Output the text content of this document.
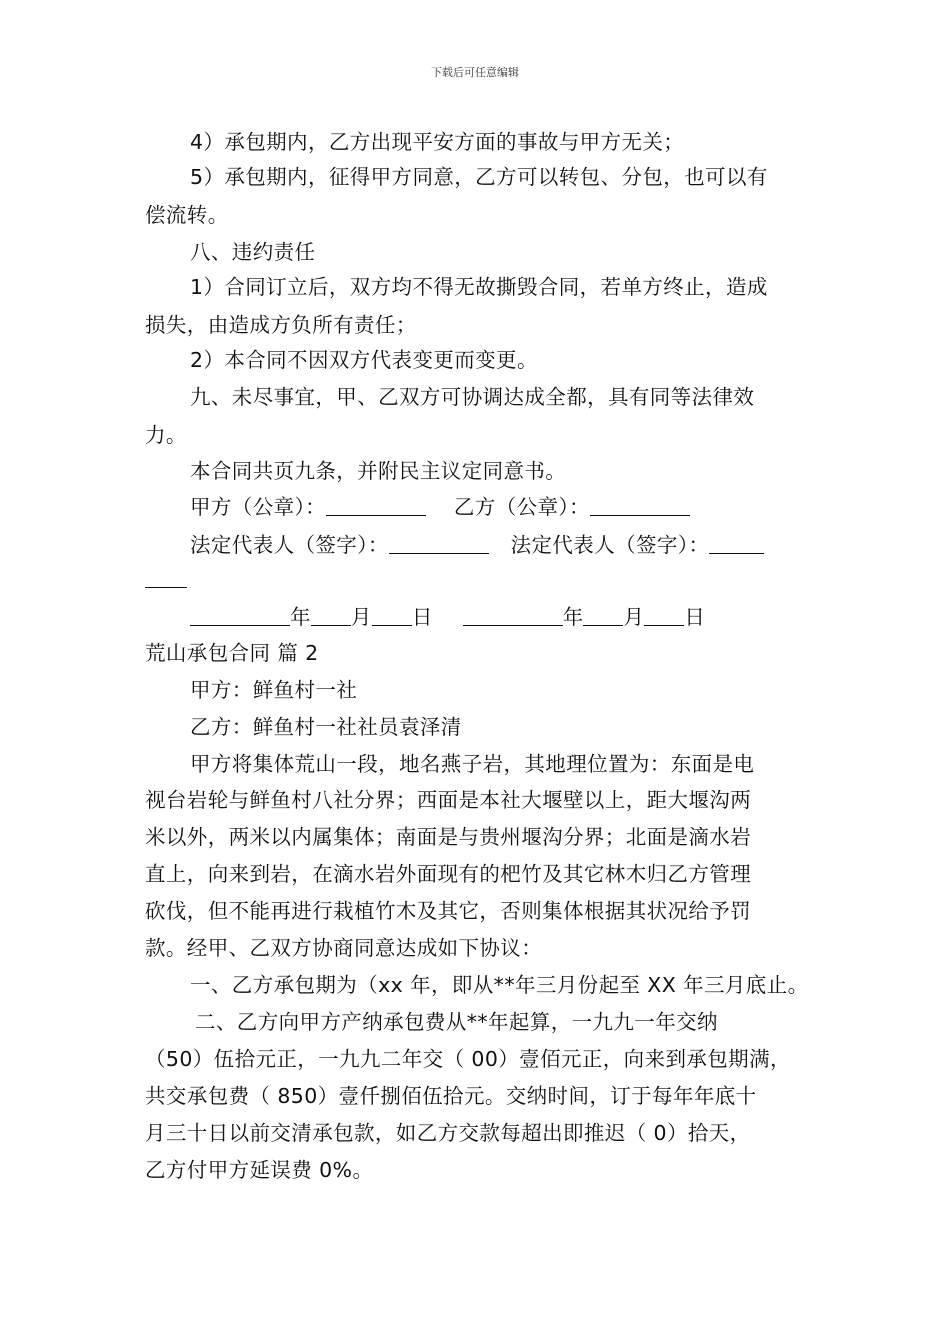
下载后可任意编辑
4）承包期内，乙方出现平安方面的事故与甲方无关；
5）承包期内，征得甲方同意，乙方可以转包、分包，也可以有
偿流转。
八、违约责任
1）合同订立后，双方均不得无故撕毁合同，若单方终止，造成
损失，由造成方负所有责任；
2）本合同不因双方代表变更而变更。
九、未尽事宜，甲、乙双方可协调达成全都，具有同等法律效
力。
本合同共页九条，并附民主议定同意书。
甲方（公章）：	乙方（公章）：
法定代表人（签字）：	法定代表人（签字）：
年 月 日	年 月 日
荒山承包合同 篇 2
甲方：鲜鱼村一社
乙方：鲜鱼村一社社员袁泽清
甲方将集体荒山一段，地名燕子岩，其地理位置为：东面是电
视台岩轮与鲜鱼村八社分界；西面是本社大堰壁以上，距大堰沟两
米以外，两米以内属集体；南面是与贵州堰沟分界；北面是滴水岩
直上，向来到岩，在滴水岩外面现有的杷竹及其它林木归乙方管理
砍伐，但不能再进行栽植竹木及其它，否则集体根据其状况给予罚
款。经甲、乙双方协商同意达成如下协议：
一、乙方承包期为（xx 年，即从**年三月份起至 XX 年三月底止。
二、乙方向甲方产纳承包费从**年起算，一九九一年交纳
（50）伍拾元正，一九九二年交（ 00）壹佰元正，向来到承包期满，
共交承包费（ 850）壹仟捌佰伍拾元。交纳时间，订于每年年底十
月三十日以前交清承包款，如乙方交款每超出即推迟（ 0）拾天，
乙方付甲方延误费 0%。
